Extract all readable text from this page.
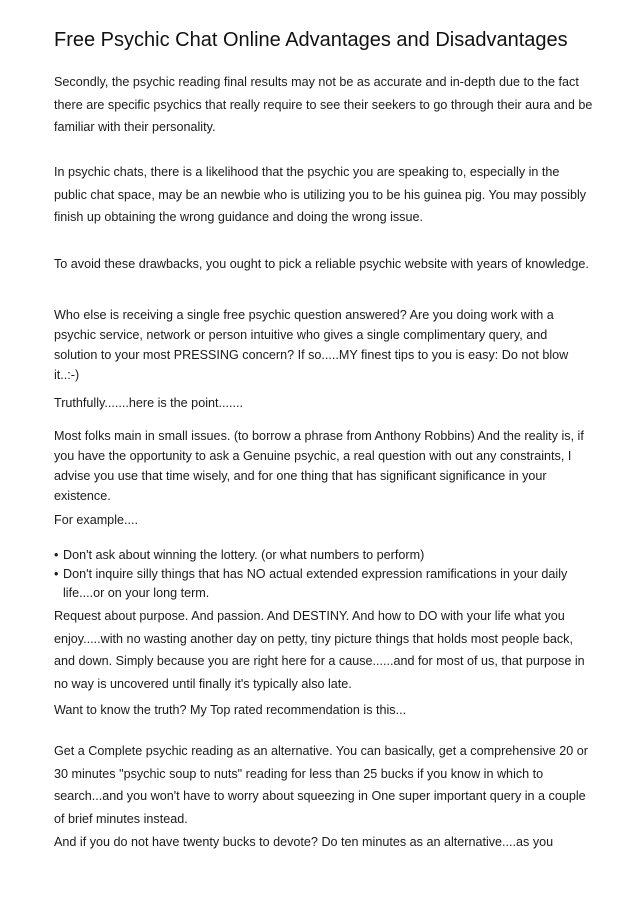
Free Psychic Chat Online Advantages and Disadvantages

Secondly, the psychic reading final results may not be as accurate and in-depth due to the fact there are specific psychics that really require to see their seekers to go through their aura and be familiar with their personality.

In psychic chats, there is a likelihood that the psychic you are speaking to, especially in the public chat space, may be an newbie who is utilizing you to be his guinea pig. You may possibly finish up obtaining the wrong guidance and doing the wrong issue.

To avoid these drawbacks, you ought to pick a reliable psychic website with years of knowledge.

Who else is receiving a single free psychic question answered? Are you doing work with a psychic service, network or person intuitive who gives a single complimentary query, and solution to your most PRESSING concern? If so.....MY finest tips to you is easy: Do not blow it..:-)

Truthfully.......here is the point.......

Most folks main in small issues. (to borrow a phrase from Anthony Robbins) And the reality is, if you have the opportunity to ask a Genuine psychic, a real question with out any constraints, I advise you use that time wisely, and for one thing that has significant significance in your existence.

For example....

• Don't ask about winning the lottery. (or what numbers to perform)
• Don't inquire silly things that has NO actual extended expression ramifications in your daily life....or on your long term.

Request about purpose. And passion. And DESTINY. And how to DO with your life what you enjoy.....with no wasting another day on petty, tiny picture things that holds most people back, and down. Simply because you are right here for a cause......and for most of us, that purpose in no way is uncovered until finally it's typically also late.

Want to know the truth? My Top rated recommendation is this...

Get a Complete psychic reading as an alternative. You can basically, get a comprehensive 20 or 30 minutes "psychic soup to nuts" reading for less than 25 bucks if you know in which to search...and you won't have to worry about squeezing in One super important query in a couple of brief minutes instead.

And if you do not have twenty bucks to devote? Do ten minutes as an alternative....as you
